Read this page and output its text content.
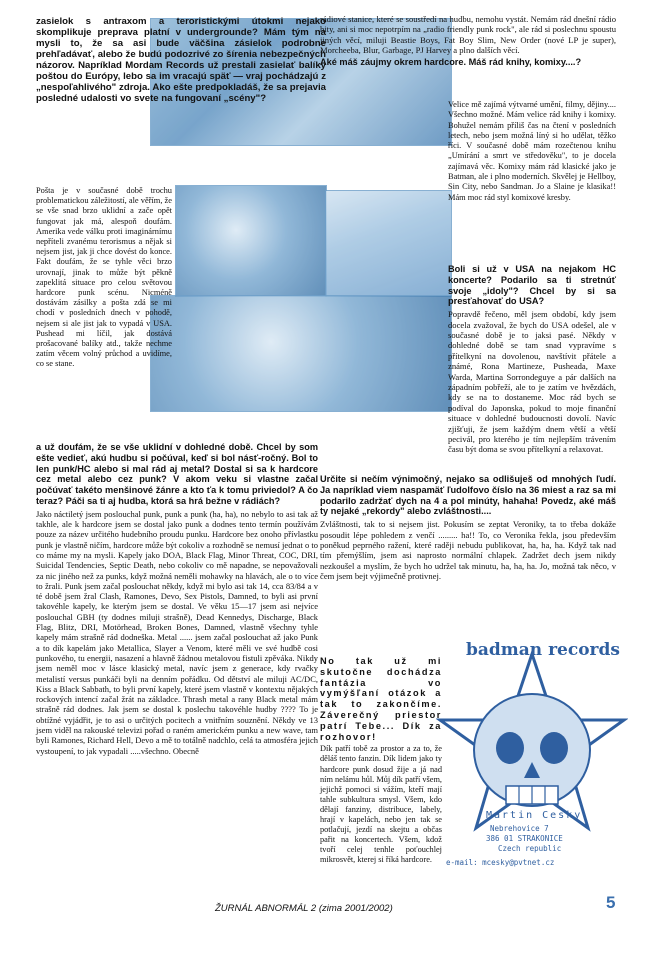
zasielok s antraxom a teroristickými útokmi nejako skomplikuje preprava platní v undergrounde? Mám tým na mysli to, že sa asi bude väčšina zásielok podrobne prehľadávať, alebo že budú podozrivé zo šírenia nebezpečných názorov. Napríklad Mordam Records už prestali zasielať balíky poštou do Európy, lebo sa im vracajú späť — vraj pochádzajú z „nespoľahlivého" zdroja. Ako ešte predpokladáš, že sa prejavia posledné udalosti vo svete na fungovaní „scény"?
Pošta je v současné době trochu problematickou záležitostí, ale věřím, že se vše snad brzo uklidní a zače opět fungovat jak má, alespoň doufám. Amerika vede válku proti imaginárnímu nepříteli zvanému terorismus a nějak si nejsem jist, jak ji chce dovést do konce. Fakt doufám, že se tyhle věci brzo urovnají, jinak to může být pěkně zapeklitá situace pro celou světovou hardcore punk scénu. Nicméně dostávám zásilky a pošta zdá se mi chodí v posledních dnech v pohodě, nejsem si ale jist jak to vypadá v USA. Pushead mi líčil, jak dostává prošacované balíky atd., takže nechme zatím věcem volný průchod a uvidíme, co se stane.
a už doufám, že se vše uklidní v dohledné době. Chcel by som ešte vedieť, akú hudbu si počúval, keď si bol násť-ročný. Bol to len punk/HC alebo si mal rád aj metal? Dostal si sa k hardcore cez metal alebo cez punk? V akom veku si vlastne začal počúvať takéto menšinové žánre a kto ťa k tomu priviedol? A čo teraz? Páči sa ti aj hudba, ktorá sa hrá bežne v rádiách?
Jako náctiletý jsem poslouchal punk, punk a punk (ha, ha), no nebylo to asi tak až takhle, ale k hardcore jsem se dostal jako punk a dodnes tento termín používám pouze za název určitého hudebního proudu punku. Hardcore bez onoho přívlastku punk je vlastně ničím, hardcore může být cokoliv a rozhodně se nemusí jednat o to co máme my na mysli. Kapely jako DOA, Black Flag, Minor Threat, COC, DRI, Suicidal Tendencies, Septic Death, nebo cokoliv co mě napadne, se nepovažovali za nic jiného než za punks, když možná neměli mohawky na hlavách, ale o to více to žrali. Punk jsem začal poslouchat někdy, když mi bylo asi tak 14, cca 83/84 a v té době jsem žral Clash, Ramones, Devo, Sex Pistols, Damned, to byli asi první takovéhle kapely, ke kterým jsem se dostal. Ve věku 15—17 jsem asi nejvíce poslouchal GBH (ty dodnes miluji strašně), Dead Kennedys, Discharge, Black Flag, Blitz, DRI, Motörhead, Broken Bones, Damned, vlastně všechny tyhle kapely mám strašně rád dodneška. Metal ...... jsem začal poslouchat až jako Punk a to dík kapelám jako Metallica, Slayer a Venom, které měli ve své hudbě cosi punkového, tu energii, nasazení a hlavně žádnou metalovou fistuli zpěváka. Nikdy jsem neměl moc v lásce klasický metal, navíc jsem z generace, kdy rvačky metalistí versus punkáči byli na denním pořádku. Od dětství ale miluji AC/DC, Kiss a Black Sabbath, to byli první kapely, které jsem vlastně v kontextu nějakých rockových intencí začal žrát na základce. Thrash metal a rany Black metal mám strašně rád dodnes. Jak jsem se dostal k poslechu takovéhle hudby ???? To je obtížné vyjádřit, je to asi o určitých pocitech a vnitřním souznění. Někdy ve 13 jsem viděl na rakouské televizi pořad o raném americkém punku a new wave, tam byli Ramones, Richard Hell, Devo a mě to totálně nadchlo, celá ta atmosféra jejich vystoupení, to jak vypadali .....všechno. Obecně
rádiové stanice, které se soustředí na hudbu, nemohu vystát. Nemám rád dnešní rádio hity, ani si moc nepotrpím na „radio friendly punk rock", ale rád si poslechnu spoustu jiných věcí, miluji Beastie Boys, Fat Boy Slim, New Order (nové LP je super), Morcheeba, Blur, Garbage, PJ Harvey a plno dalších věcí.
Aké máš záujmy okrem hardcore. Máš rád knihy, komixy....?
Velice mě zajímá výtvarné umění, filmy, dějiny.... Všechno možné. Mám velice rád knihy i komixy. Bohužel nemám příliš čas na čtení v posledních letech, nebo jsem možná líný si ho udělat, těžko říci. V současné době mám rozečtenou knihu „Umírání a smrt ve středověku", to je docela zajímavá věc. Komixy mám rád klasické jako je Batman, ale i plno moderních. Skvělej je Hellboy, Sin City, nebo Sandman. Jo a Slaine je klasika!! Mám moc rád styl komixové kresby.
Boli si už v USA na nejakom HC koncerte? Podarilo sa ti stretnúť svoje „idoly"? Chcel by si sa presťahovať do USA?
Popravdě řečeno, měl jsem období, kdy jsem docela zvažoval, že bych do USA odešel, ale v současné době je to jaksi pasé. Někdy v dohledné době se tam snad vypravíme s přítelkyní na dovolenou, navštívit přátele a známé, Rona Martineze, Pusheada, Maxe Warda, Martina Sorrondeguye a pár dalších na západním pobřeží, ale to je zatím ve hvězdách, kdy se na to dostaneme. Moc rád bych se podíval do Japonska, pokud to moje finanční situace v dohledné budoucnosti dovolí. Navíc zjišťuji, že jsem každým dnem větší a větší pecivál, pro kterého je tím nejlepším trávením času být doma se svou přítelkyní a relaxovat.
Určite si nečím výnimočný, nejako sa odlišuješ od mnohých ľudí. Ja napríklad viem naspamäť ľudolfovo číslo na 36 miest a raz sa mi podarilo zadržať dych na 4 a pol minúty, hahaha! Povedz, aké máš ty nejaké „rekordy" alebo zvláštnosti....
Zvláštnosti, tak to si nejsem jist. Pokusím se zeptat Veroniky, ta to třeba dokáže posoudit lépe pohledem z venčí ......... ha!! To, co Veronika řekla, jsou především poněkud peprného ražení, které raději nebudu publikovat, ha, ha, ha. Když tak nad tím přemýšlím, jsem asi naprosto normální chlapek. Zadržet dech jsem nikdy nezkoušel a myslím, že bych ho udržel tak minutu, ha, ha, ha. Jo, možná tak něco, v čem jsem bejt výjimečně protivnej.
No tak už mi skutočne dochádza fantázia vo vymýšľaní otázok a tak to zakončíme. Záverečný priestor patrí Tebe... Dík za rozhovor!
Dík patří tobě za prostor a za to, že děláš tento fanzin. Dík lidem jako ty hardcore punk dosud žije a já nad ním nelámu hůl. Můj dík patří všem, jejichž pomoci si vážím, kteří mají tahle subkultura smysl. Všem, kdo dělají fanziny, distribuce, labely, hrají v kapelách, nebo jen tak se potlačují, jezdí na skejtu a občas pařit na koncertech. Všem, kdož tvoří celej tenhle poťouchlej mikrosvět, kterej si říká hardcore.
badman records
Martin Cesky
Nebrehovice 7
386 01 STRAKONICE
Czech republic
e-mail: mcesky@pvtnet.cz
ŽURNÁL ABNORMÁL 2 (zima 2001/2002)	5
